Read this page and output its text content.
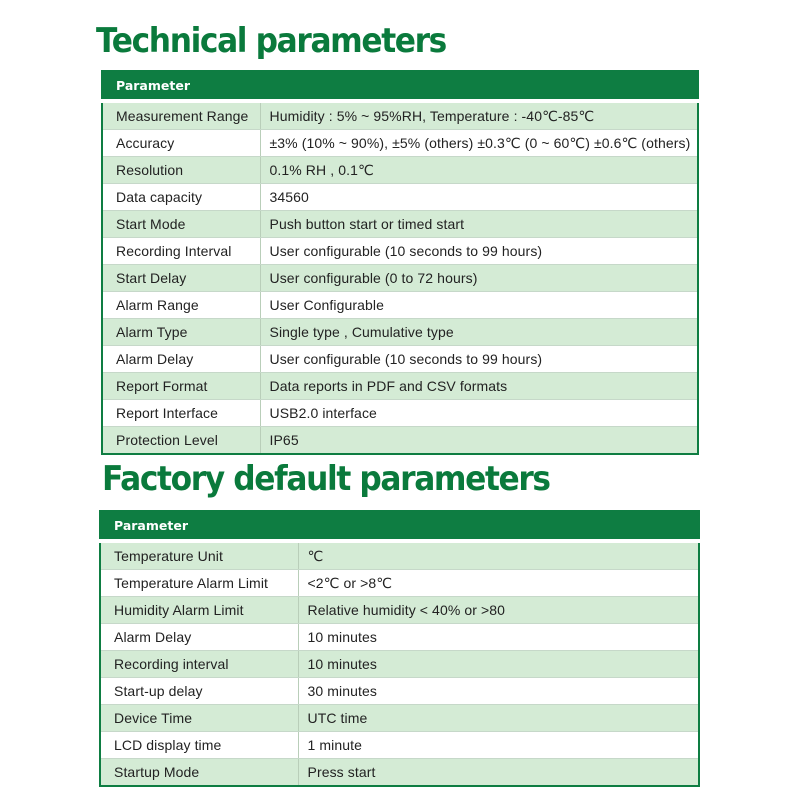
Technical parameters
Parameter	
Measurement Range	Humidity : 5% ~ 95%RH, Temperature : -40℃-85℃
Accuracy	±3% (10% ~ 90%), ±5% (others) ±0.3℃ (0 ~ 60℃) ±0.6℃ (others)
Resolution	0.1% RH , 0.1℃
Data capacity	34560
Start Mode	Push button start or timed start
Recording Interval	User configurable (10 seconds to 99 hours)
Start Delay	User configurable (0 to 72 hours)
Alarm Range	User Configurable
Alarm Type	Single type , Cumulative type
Alarm Delay	User configurable (10 seconds to 99 hours)
Report Format	Data reports in PDF and CSV formats
Report Interface	USB2.0 interface
Protection Level	IP65
Factory default parameters
Parameter	
Temperature Unit	℃
Temperature Alarm Limit	<2℃ or >8℃
Humidity Alarm Limit	Relative humidity < 40% or >80
Alarm Delay	10 minutes
Recording interval	10 minutes
Start-up delay	30 minutes
Device Time	UTC time
LCD display time	1 minute
Startup Mode	Press start
